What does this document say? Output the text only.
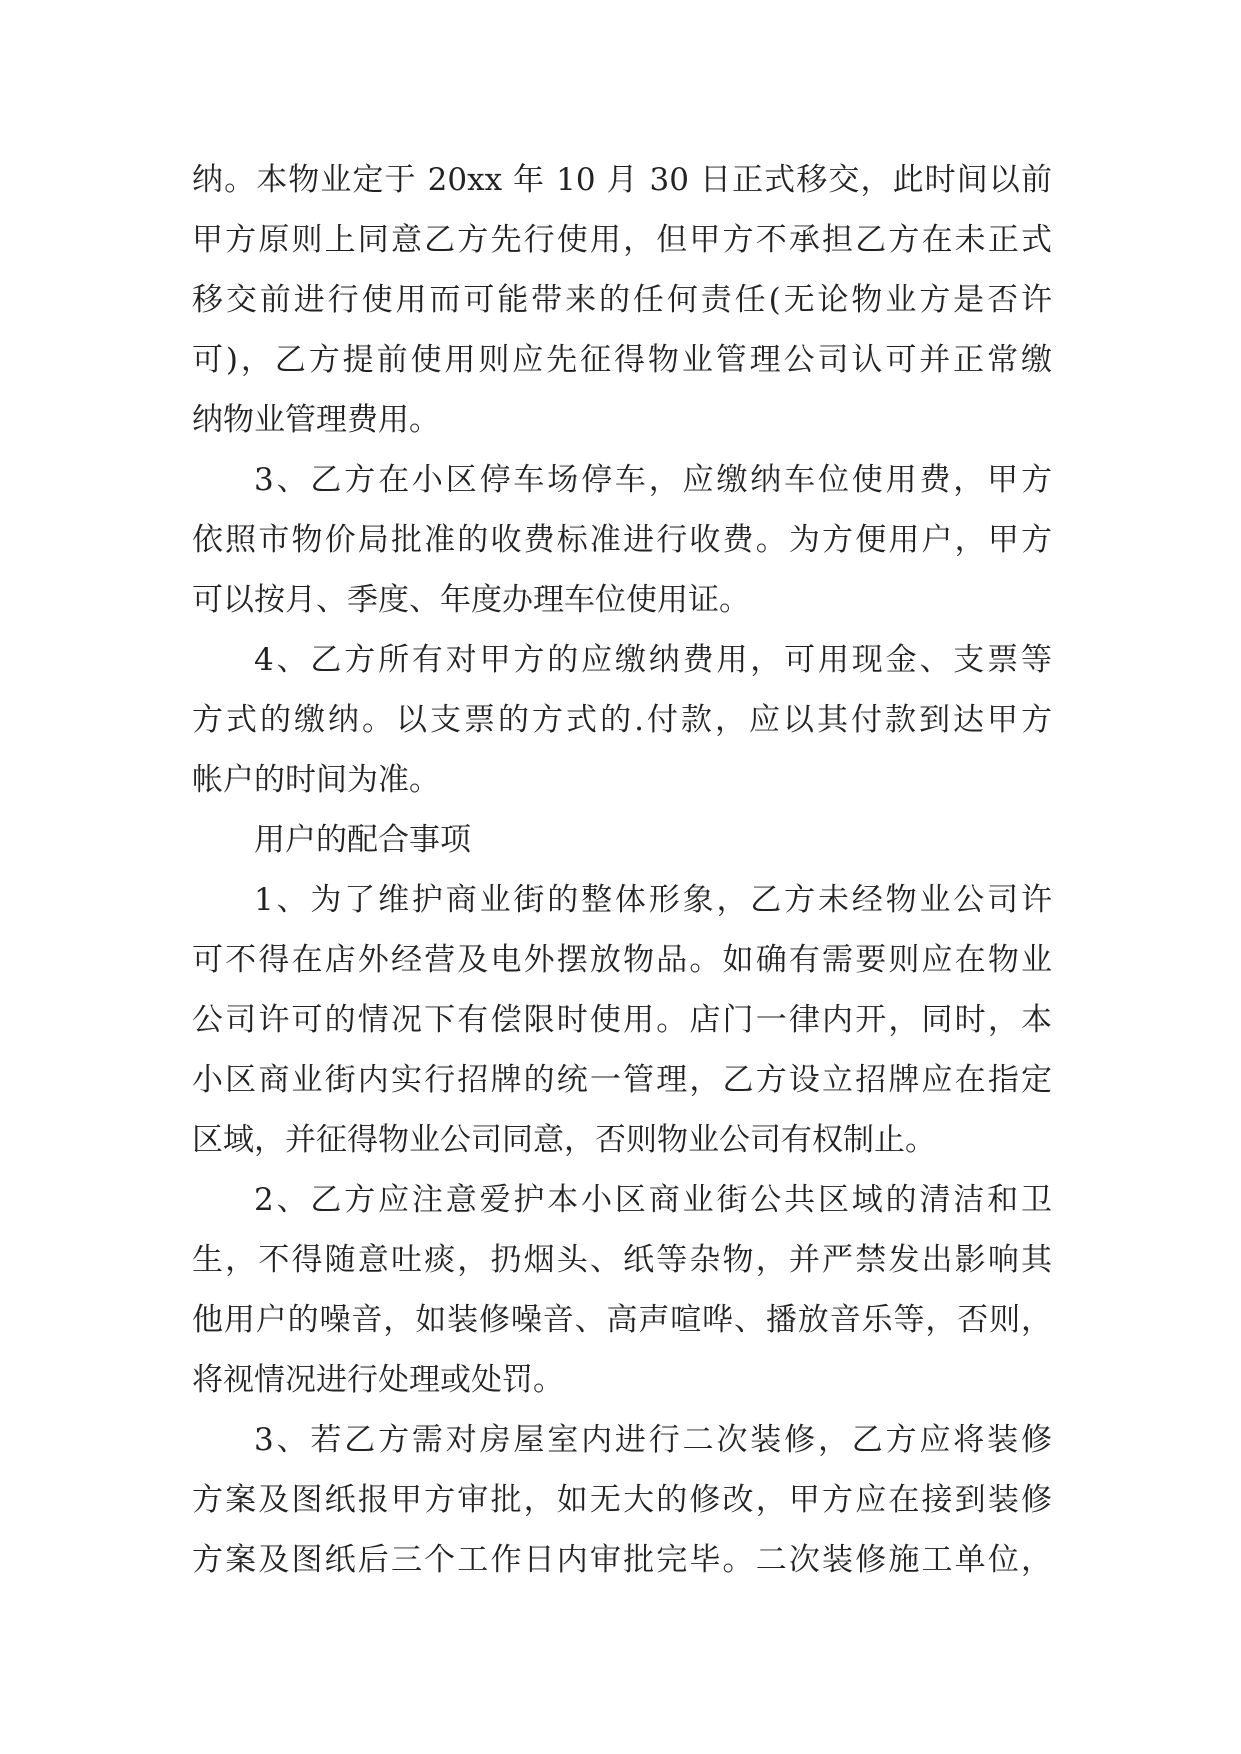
纳。本物业定于 20xx 年 10 月 30 日正式移交，此时间以前
甲方原则上同意乙方先行使用，但甲方不承担乙方在未正式
移交前进行使用而可能带来的任何责任(无论物业方是否许
可)，乙方提前使用则应先征得物业管理公司认可并正常缴
纳物业管理费用。
3、乙方在小区停车场停车，应缴纳车位使用费，甲方
依照市物价局批准的收费标准进行收费。为方便用户，甲方
可以按月、季度、年度办理车位使用证。
4、乙方所有对甲方的应缴纳费用，可用现金、支票等
方式的缴纳。以支票的方式的.付款，应以其付款到达甲方
帐户的时间为准。
用户的配合事项
1、为了维护商业街的整体形象，乙方未经物业公司许
可不得在店外经营及电外摆放物品。如确有需要则应在物业
公司许可的情况下有偿限时使用。店门一律内开，同时，本
小区商业街内实行招牌的统一管理，乙方设立招牌应在指定
区域，并征得物业公司同意，否则物业公司有权制止。
2、乙方应注意爱护本小区商业街公共区域的清洁和卫
生，不得随意吐痰，扔烟头、纸等杂物，并严禁发出影响其
他用户的噪音，如装修噪音、高声喧哗、播放音乐等，否则，
将视情况进行处理或处罚。
3、若乙方需对房屋室内进行二次装修，乙方应将装修
方案及图纸报甲方审批，如无大的修改，甲方应在接到装修
方案及图纸后三个工作日内审批完毕。二次装修施工单位，
